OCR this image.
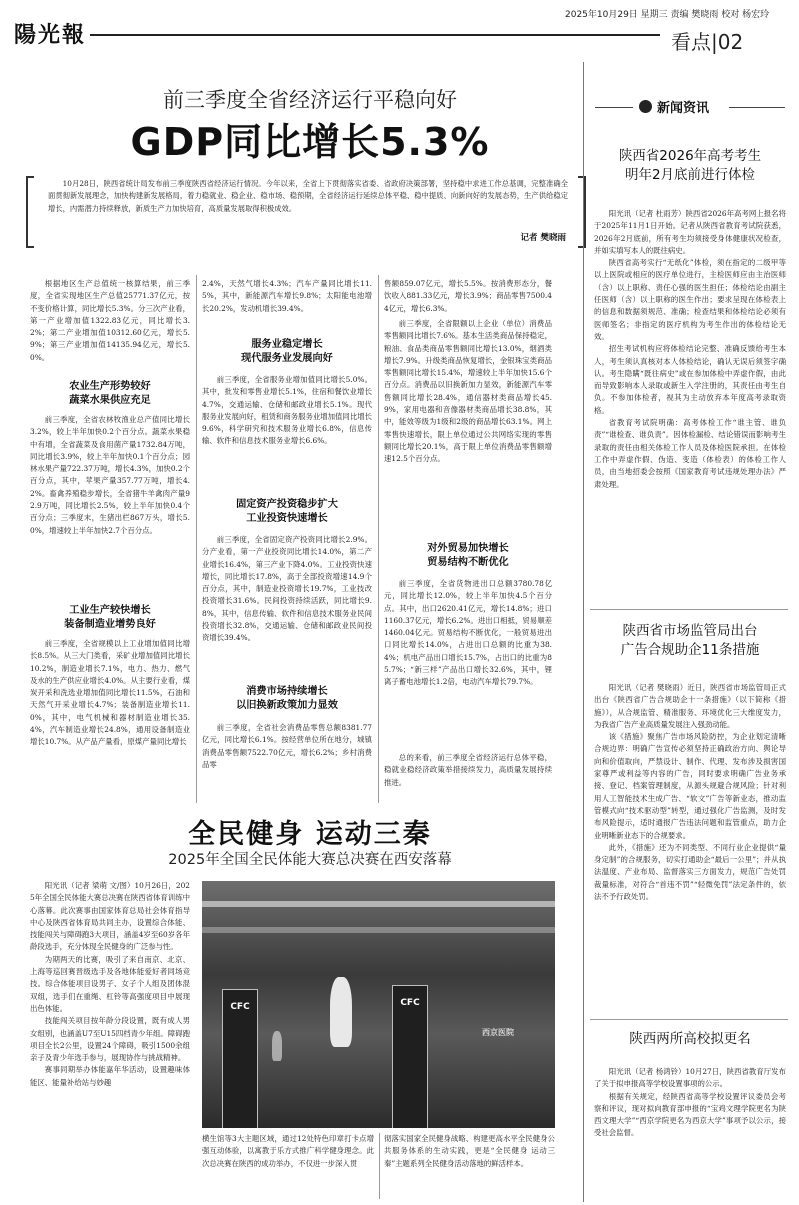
陽光報
2025年10月29日 星期三 责编 樊晓雨 校对 杨宏玲
看点|02
前三季度全省经济运行平稳向好
GDP同比增长5.3%
10月28日，陕西省统计局发布前三季度陕西省经济运行情况。今年以来，全省上下贯彻落实省委、省政府决策部署，坚持稳中求进工作总基调，完整准确全面贯彻新发展理念，加快构建新发展格局，着力稳就业、稳企业、稳市场、稳预期，全省经济运行延续总体平稳、稳中提质、向新向好的发展态势，生产供给稳定增长，内需潜力持续释放，新质生产力加快培育，高质量发展取得积极成效。
记者 樊晓雨

根据地区生产总值统一核算结果，前三季度，全省实现地区生产总值25771.37亿元，按不变价格计算，同比增长5.3%。分三次产业看，第一产业增加值1322.83亿元，同比增长3.2%；第二产业增加值10312.60亿元，增长5.9%；第三产业增加值14135.94亿元，增长5.0%。

农业生产形势较好
蔬菜水果供应充足

前三季度，全省农林牧渔业总产值同比增长3.2%，较上半年加快0.2个百分点。蔬菜水果稳中有增，全省蔬菜及食用菌产量1732.84万吨，同比增长3.9%，较上半年加快0.1个百分点；园林水果产量722.37万吨，增长4.3%，加快0.2个百分点，其中，苹果产量357.77万吨，增长4.2%。畜禽养殖稳步增长，全省猪牛羊禽肉产量92.9万吨，同比增长2.5%，较上半年加快0.4个百分点；三季度末，生猪出栏867万头，增长5.0%，增速较上半年加快2.7个百分点。

工业生产较快增长
装备制造业增势良好

前三季度，全省规模以上工业增加值同比增长8.5%。从三大门类看，采矿业增加值同比增长10.2%，制造业增长7.1%，电力、热力、燃气及水的生产供应业增长4.0%。从主要行业看，煤炭开采和洗选业增加值同比增长11.5%，石油和天然气开采业增长4.7%；装备制造业增长11.0%，其中，电气机械和器材制造业增长35.4%，汽车制造业增长24.8%，通用设备制造业增长10.7%。从产品产量看，原煤产量同比增长

2.4%，天然气增长4.3%；汽车产量同比增长11.5%，其中，新能源汽车增长9.8%；太阳能电池增长20.2%，发动机增长39.4%。

服务业稳定增长
现代服务业发展向好

前三季度，全省服务业增加值同比增长5.0%。其中，批发和零售业增长5.1%，住宿和餐饮业增长4.7%，交通运输、仓储和邮政业增长5.1%。现代服务业发展向好，租赁和商务服务业增加值同比增长9.6%，科学研究和技术服务业增长6.8%，信息传输、软件和信息技术服务业增长6.6%。

固定资产投资稳步扩大
工业投资快速增长

前三季度，全省固定资产投资同比增长2.9%。分产业看，第一产业投资同比增长14.0%，第二产业增长16.4%，第三产业下降4.0%。工业投资快速增长，同比增长17.8%，高于全部投资增速14.9个百分点，其中，制造业投资增长19.7%，工业技改投资增长31.6%。民间投资持续活跃，同比增长9.8%，其中，信息传输、软件和信息技术服务业民间投资增长32.8%，交通运输、仓储和邮政业民间投资增长39.4%。

消费市场持续增长
以旧换新政策加力显效

前三季度，全省社会消费品零售总额8381.77亿元，同比增长6.1%。按经营单位所在地分，城镇消费品零售额7522.70亿元，增长6.2%；乡村消费品零

售额859.07亿元，增长5.5%。按消费形态分，餐饮收入881.33亿元，增长3.9%；商品零售7500.44亿元，增长6.3%。

前三季度，全省限额以上企业（单位）消费品零售额同比增长7.6%。基本生活类商品保持稳定，粮油、食品类商品零售额同比增长13.0%，烟酒类增长7.9%。升级类商品恢复增长，金银珠宝类商品零售额同比增长15.4%，增速较上半年加快15.6个百分点。消费品以旧换新加力显效，新能源汽车零售额同比增长28.4%，通信器材类商品增长45.9%，家用电器和音像器材类商品增长38.8%，其中，能效等级为1级和2级的商品增长63.1%。网上零售快速增长，限上单位通过公共网络实现的零售额同比增长20.1%，高于限上单位消费品零售额增速12.5个百分点。

对外贸易加快增长
贸易结构不断优化

前三季度，全省货物进出口总额3780.78亿元，同比增长12.0%，较上半年加快4.5个百分点。其中，出口2620.41亿元，增长14.8%；进口1160.37亿元，增长6.2%。进出口相抵，贸易顺差1460.04亿元。贸易结构不断优化，一般贸易进出口同比增长14.0%，占进出口总额的比重为38.4%；机电产品出口增长15.7%，占出口的比重为85.7%；“新三样”产品出口增长32.6%，其中，锂离子蓄电池增长1.2倍，电动汽车增长79.7%。

总的来看，前三季度全省经济运行总体平稳，稳就业稳经济政策举措接续发力，高质量发展持续推进。

全民健身 运动三秦
2025年全国全民体能大赛总决赛在西安落幕

阳光讯（记者 梁萌 文/图）10月26日，2025年全国全民体能大赛总决赛在陕西省体育训练中心落幕。此次赛事由国家体育总局社会体育指导中心及陕西省体育局共同主办，设置综合体能、技能闯关与障碍跑3大项目，涵盖4岁至60岁各年龄段选手，充分体现全民健身的广泛参与性。

为期两天的比赛，吸引了来自南京、北京、上海等巡回赛晋级选手及各地体能爱好者同场竞技。综合体能项目设男子、女子个人组及团体混双组，选手们在重绳、杠铃等高强度项目中展现出色体能。

技能闯关项目按年龄分段设置，既有成人男女组别，也涵盖U7至U15四档青少年组。障碍跑项目全长2公里，设置24个障碍，吸引1500余组亲子及青少年选手参与，展现协作与挑战精神。

赛事同期举办体能嘉年华活动，设置趣味体能区、能量补给站与妙趣

CFC	CFC
西京医院

横生馆等3大主题区域，通过12处特色印章打卡点增强互动体验，以寓教于乐方式推广科学健身理念。此次总决赛在陕西的成功举办，不仅进一步深入贯

彻落实国家全民健身战略、构建更高水平全民健身公共服务体系的生动实践，更是“全民健身 运动三秦”主题系列全民健身活动落地的鲜活样本。

新闻资讯
陕西省2026年高考考生
明年2月底前进行体检

阳光讯（记者 杜雨芳）陕西省2026年高考网上报名将于2025年11月1日开始。记者从陕西省教育考试院获悉，2026年2月底前，所有考生均须接受身体健康状况检查，并如实填写本人的既往病史。

陕西省高考实行“无纸化”体检，须在指定的二级甲等以上医院或相应的医疗单位进行，主检医师应由主治医师（含）以上职称、责任心强的医生担任；体检结论由副主任医师（含）以上职称的医生作出；要求呈现在体检表上的信息和数据须规范、准确；检查结果和体检结论必须有医师签名；非指定的医疗机构为考生作出的体检结论无效。

招生考试机构应将体检结论完整、准确反馈给考生本人，考生须认真核对本人体检结论，确认无误后须签字确认。考生隐瞒“既往病史”或在参加体检中弄虚作假，由此而导致影响本人录取或新生入学注册的，其责任由考生自负。不参加体检者，视其为主动放弃本年度高考录取资格。

省教育考试院明确：高考体检工作“谁主管、谁负责”“谁检查、谁负责”。因体检漏检、结论错误而影响考生录取的责任由相关体检工作人员及体检医院承担。在体检工作中弄虚作假、伪造、变造（体检表）的体检工作人员，由当地招委会按照《国家教育考试违规处理办法》严肃处理。

陕西省市场监管局出台
广告合规助企11条措施

阳光讯（记者 樊晓雨）近日，陕西省市场监管局正式出台《陕西省广告合规助企十一条措施》（以下简称《措施》），从合规监管、精准服务、环境优化三大维度发力，为我省广告产业高质量发展注入强劲动能。

该《措施》聚焦广告市场风险防控，为企业划定清晰合规边界：明确广告宣传必须坚持正确政治方向、舆论导向和价值取向，严禁设计、制作、代理、发布涉及损害国家尊严或利益等内容的广告，同时要求明确广告业务承接、登记、档案管理制度，从源头规避合规风险；针对利用人工智能技术生成广告、“软文”广告等新业态，推动监管模式向“技术驱动型”转型，通过强化广告监测，及时发布风险提示，适时通报广告违法问题和监管重点，助力企业明晰新业态下的合规要求。

此外，《措施》还为不同类型、不同行业企业提供“量身定制”的合规服务，切实打通助企“最后一公里”；并从执法温度、产业布局、监督落实三方面发力，规范广告处罚裁量标准，对符合“首违不罚”“轻微免罚”法定条件的，依法不予行政处罚。

陕西两所高校拟更名

阳光讯（记者 杨鸿铃）10月27日，陕西省教育厅发布了关于拟申报高等学校设置事项的公示。

根据有关规定，经陕西省高等学校设置评议委员会考察和评议，现对拟向教育部申报的“宝鸡文理学院更名为陕西文理大学”“西京学院更名为西京大学”事项予以公示，接受社会监督。
